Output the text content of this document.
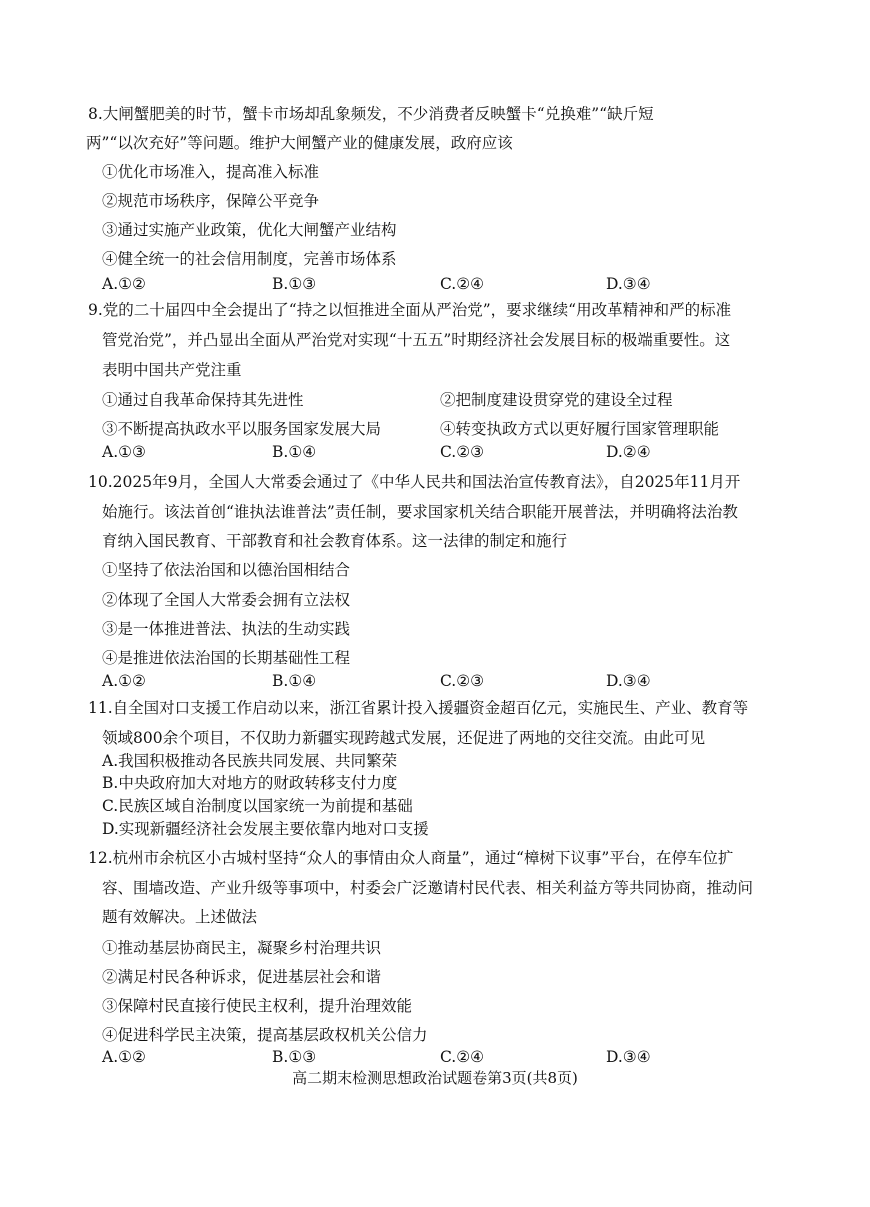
8.大闸蟹肥美的时节，蟹卡市场却乱象频发，不少消费者反映蟹卡“兑换难”“缺斤短
两”“以次充好”等问题。维护大闸蟹产业的健康发展，政府应该
①优化市场准入，提高准入标准
②规范市场秩序，保障公平竞争
③通过实施产业政策，优化大闸蟹产业结构
④健全统一的社会信用制度，完善市场体系
A.①②	B.①③	C.②④	D.③④
9.党的二十届四中全会提出了“持之以恒推进全面从严治党”，要求继续“用改革精神和严的标准
管党治党”，并凸显出全面从严治党对实现“十五五”时期经济社会发展目标的极端重要性。这
表明中国共产党注重
①通过自我革命保持其先进性	②把制度建设贯穿党的建设全过程
③不断提高执政水平以服务国家发展大局	④转变执政方式以更好履行国家管理职能
A.①③	B.①④	C.②③	D.②④
10.2025年9月，全国人大常委会通过了《中华人民共和国法治宣传教育法》，自2025年11月开
始施行。该法首创“谁执法谁普法”责任制，要求国家机关结合职能开展普法，并明确将法治教
育纳入国民教育、干部教育和社会教育体系。这一法律的制定和施行
①坚持了依法治国和以德治国相结合
②体现了全国人大常委会拥有立法权
③是一体推进普法、执法的生动实践
④是推进依法治国的长期基础性工程
A.①②	B.①④	C.②③	D.③④
11.自全国对口支援工作启动以来，浙江省累计投入援疆资金超百亿元，实施民生、产业、教育等
领域800余个项目，不仅助力新疆实现跨越式发展，还促进了两地的交往交流。由此可见
A.我国积极推动各民族共同发展、共同繁荣
B.中央政府加大对地方的财政转移支付力度
C.民族区域自治制度以国家统一为前提和基础
D.实现新疆经济社会发展主要依靠内地对口支援
12.杭州市余杭区小古城村坚持“众人的事情由众人商量”，通过“樟树下议事”平台，在停车位扩
容、围墙改造、产业升级等事项中，村委会广泛邀请村民代表、相关利益方等共同协商，推动问
题有效解决。上述做法
①推动基层协商民主，凝聚乡村治理共识
②满足村民各种诉求，促进基层社会和谐
③保障村民直接行使民主权利，提升治理效能
④促进科学民主决策，提高基层政权机关公信力
A.①②	B.①③	C.②④	D.③④
高二期末检测思想政治试题卷第3页(共8页)
